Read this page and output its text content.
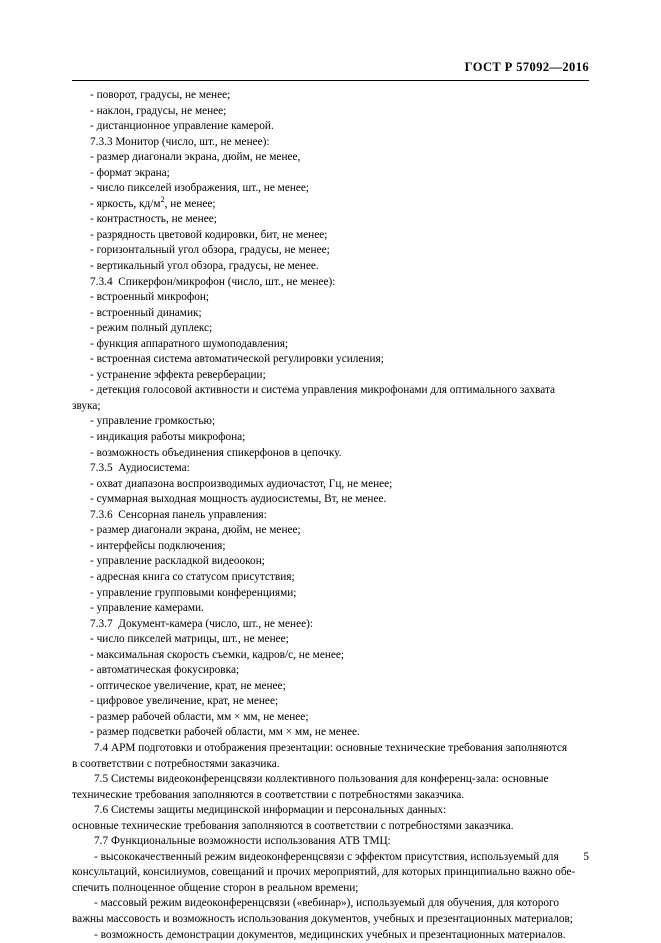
ГОСТ Р 57092—2016
- поворот, градусы, не менее;
- наклон, градусы, не менее;
- дистанционное управление камерой.
7.3.3 Монитор (число, шт., не менее):
- размер диагонали экрана, дюйм, не менее,
- формат экрана;
- число пикселей изображения, шт., не менее;
- яркость, $кд/м^2$, не менее;
- контрастность, не менее;
- разрядность цветовой кодировки, бит, не менее;
- горизонтальный угол обзора, градусы, не менее;
- вертикальный угол обзора, градусы, не менее.
7.3.4  Спикерфон/микрофон (число, шт., не менее):
- встроенный микрофон;
- встроенный динамик;
- режим полный дуплекс;
- функция аппаратного шумоподавления;
- встроенная система автоматической регулировки усиления;
- устранение эффекта реверберации;
- детекция голосовой активности и система управления микрофонами для оптимального захвата
звука;
- управление громкостью;
- индикация работы микрофона;
- возможность объединения спикерфонов в цепочку.
7.3.5  Аудиосистема:
- охват диапазона воспроизводимых аудиочастот, Гц, не менее;
- суммарная выходная мощность аудиосистемы, Вт, не менее.
7.3.6  Сенсорная панель управления:
- размер диагонали экрана, дюйм, не менее;
- интерфейсы подключения;
- управление раскладкой видеоокон;
- адресная книга со статусом присутствия;
- управление групповыми конференциями;
- управление камерами.
7.3.7  Документ-камера (число, шт., не менее):
- число пикселей матрицы, шт., не менее;
- максимальная скорость съемки, кадров/с, не менее;
- автоматическая фокусировка;
- оптическое увеличение, крат, не менее;
- цифровое увеличение, крат, не менее;
- размер рабочей области, мм × мм, не менее;
- размер подсветки рабочей области, мм × мм, не менее.
7.4 АРМ подготовки и отображения презентации: основные технические требования заполняются
в соответствии с потребностями заказчика.
7.5 Системы видеоконференцсвязи коллективного пользования для конференц-зала: основные
технические требования заполняются в соответствии с потребностями заказчика.
7.6 Системы защиты медицинской информации и персональных данных:
основные технические требования заполняются в соответствии с потребностями заказчика.
7.7 Функциональные возможности использования АТВ ТМЦ:
- высококачественный режим видеоконференцсвязи с эффектом присутствия, используемый для
консультаций, консилиумов, совещаний и прочих мероприятий, для которых принципиально важно обе-
спечить полноценное общение сторон в реальном времени;
- массовый режим видеоконференцсвязи («вебинар»), используемый для обучения, для которого
важны массовость и возможность использования документов, учебных и презентационных материалов;
- возможность демонстрации документов, медицинских учебных и презентационных материалов.
5
